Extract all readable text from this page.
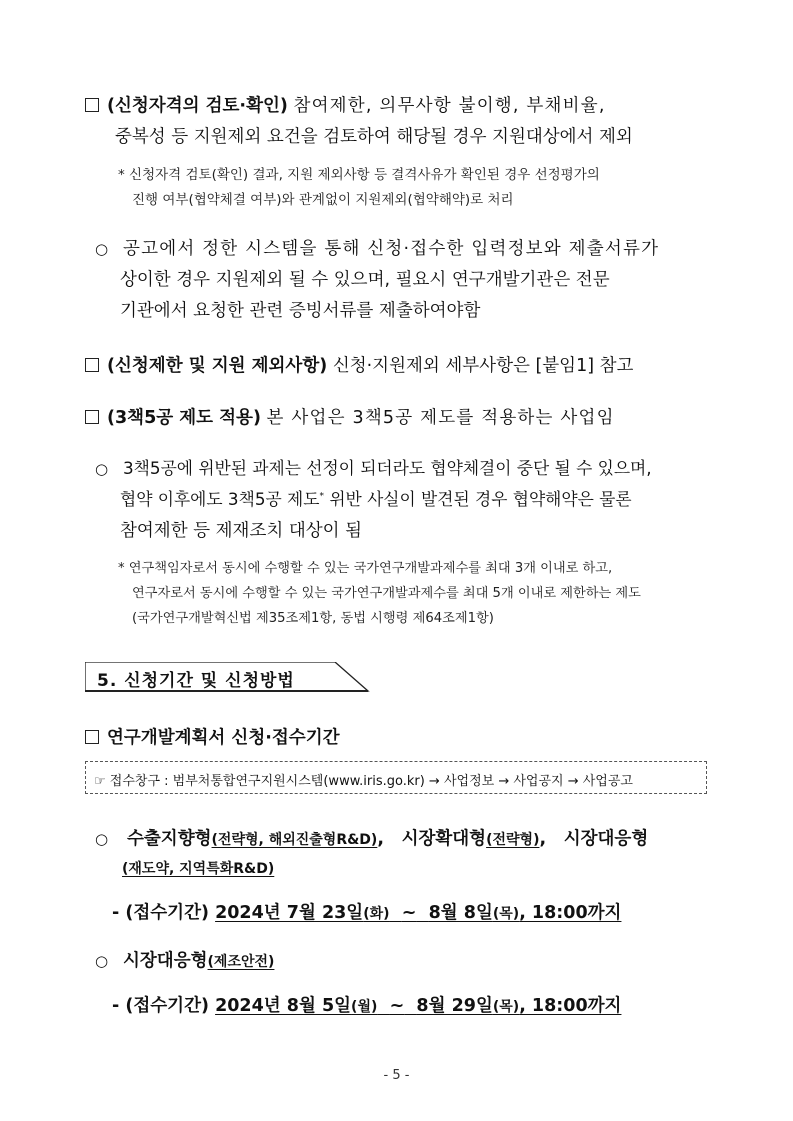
(신청자격의 검토·확인) 참여제한, 의무사항 불이행, 부채비율,
중복성 등 지원제외 요건을 검토하여 해당될 경우 지원대상에서 제외
* 신청자격 검토(확인) 결과, 지원 제외사항 등 결격사유가 확인된 경우 선정평가의
진행 여부(협약체결 여부)와 관계없이 지원제외(협약해약)로 처리
○ 공고에서 정한 시스템을 통해 신청·접수한 입력정보와 제출서류가
상이한 경우 지원제외 될 수 있으며, 필요시 연구개발기관은 전문
기관에서 요청한 관련 증빙서류를 제출하여야함
(신청제한 및 지원 제외사항) 신청·지원제외 세부사항은 [붙임1] 참고
(3책5공 제도 적용) 본 사업은 3책5공 제도를 적용하는 사업임
○ 3책5공에 위반된 과제는 선정이 되더라도 협약체결이 중단 될 수 있으며,
협약 이후에도 3책5공 제도* 위반 사실이 발견된 경우 협약해약은 물론
참여제한 등 제재조치 대상이 됨
* 연구책임자로서 동시에 수행할 수 있는 국가연구개발과제수를 최대 3개 이내로 하고,
연구자로서 동시에 수행할 수 있는 국가연구개발과제수를 최대 5개 이내로 제한하는 제도
(국가연구개발혁신법 제35조제1항, 동법 시행령 제64조제1항)
5. 신청기간 및 신청방법
연구개발계획서 신청·접수기간
☞ 접수창구 : 범부처통합연구지원시스템(www.iris.go.kr) → 사업정보 → 사업공지 → 사업공고
○ 수출지향형(전략형, 해외진출형R&D), 시장확대형(전략형), 시장대응형
(재도약, 지역특화R&D)
- (접수기간) 2024년 7월 23일(화) ~ 8월 8일(목), 18:00까지
○ 시장대응형(제조안전)
- (접수기간) 2024년 8월 5일(월) ~ 8월 29일(목), 18:00까지
- 5 -
